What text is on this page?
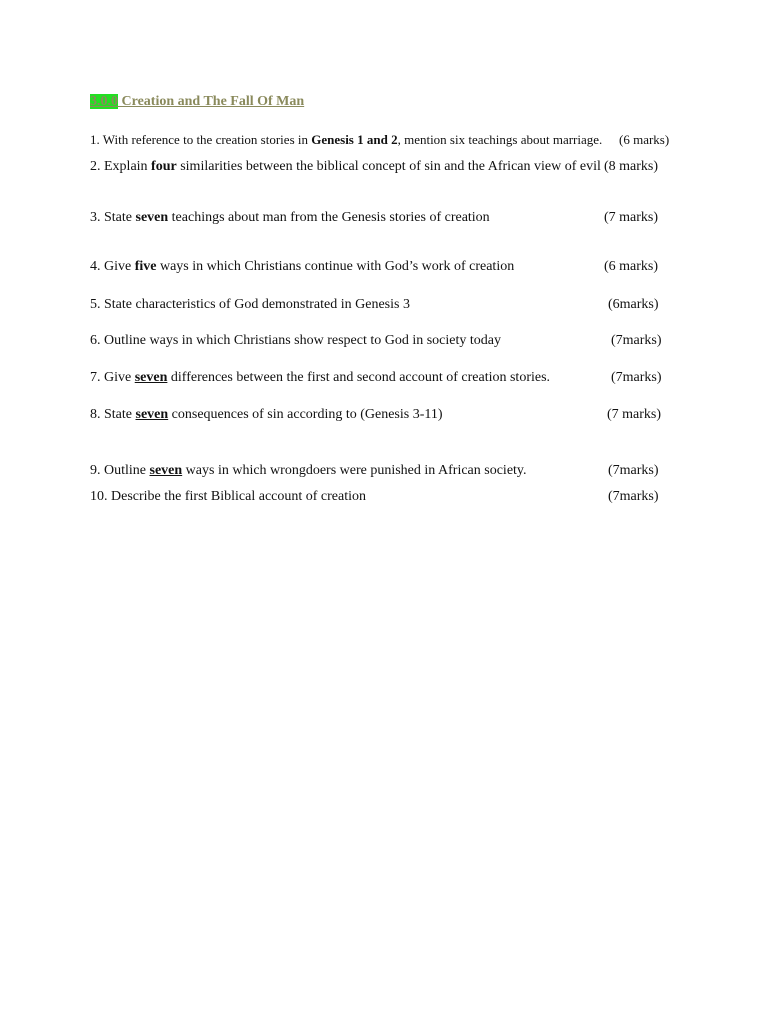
3.0.0 Creation and The Fall Of Man
1. With reference to the creation stories in Genesis 1 and 2, mention six teachings about marriage. (6 marks)
2. Explain four similarities between the biblical concept of sin and the African view of evil (8 marks)
3. State seven teachings about man from the Genesis stories of creation	(7 marks)
4. Give five ways in which Christians continue with God’s work of creation	(6 marks)
5. State characteristics of God demonstrated in Genesis 3	(6marks)
6. Outline ways in which Christians show respect to God in society today	(7marks)
7. Give seven differences between the first and second account of creation stories.	(7marks)
8. State seven consequences of sin according to (Genesis 3-11)	(7 marks)
9. Outline seven ways in which wrongdoers were punished in African society.	(7marks)
10. Describe the first Biblical account of creation	(7marks)
